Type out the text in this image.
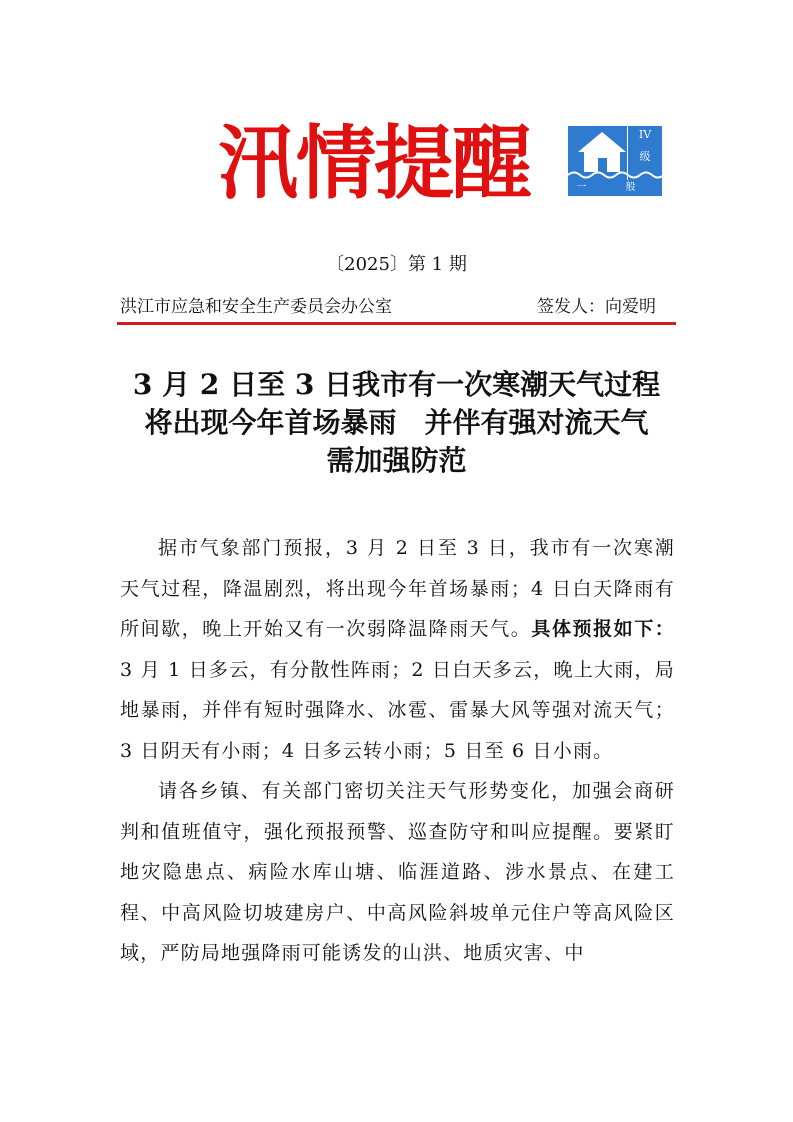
汛情提醒	IV
级
一 般
〔2025〕第 1 期
洪江市应急和安全生产委员会办公室	签发人：向爱明
3 月 2 日至 3 日我市有一次寒潮天气过程
将出现今年首场暴雨　并伴有强对流天气
需加强防范

据市气象部门预报，3 月 2 日至 3 日，我市有一次寒潮天气过程，降温剧烈，将出现今年首场暴雨；4 日白天降雨有所间歇，晚上开始又有一次弱降温降雨天气。具体预报如下：3 月 1 日多云，有分散性阵雨；2 日白天多云，晚上大雨，局地暴雨，并伴有短时强降水、冰雹、雷暴大风等强对流天气；3 日阴天有小雨；4 日多云转小雨；5 日至 6 日小雨。

请各乡镇、有关部门密切关注天气形势变化，加强会商研判和值班值守，强化预报预警、巡查防守和叫应提醒。要紧盯地灾隐患点、病险水库山塘、临涯道路、涉水景点、在建工程、中高风险切坡建房户、中高风险斜坡单元住户等高风险区域，严防局地强降雨可能诱发的山洪、地质灾害、中
